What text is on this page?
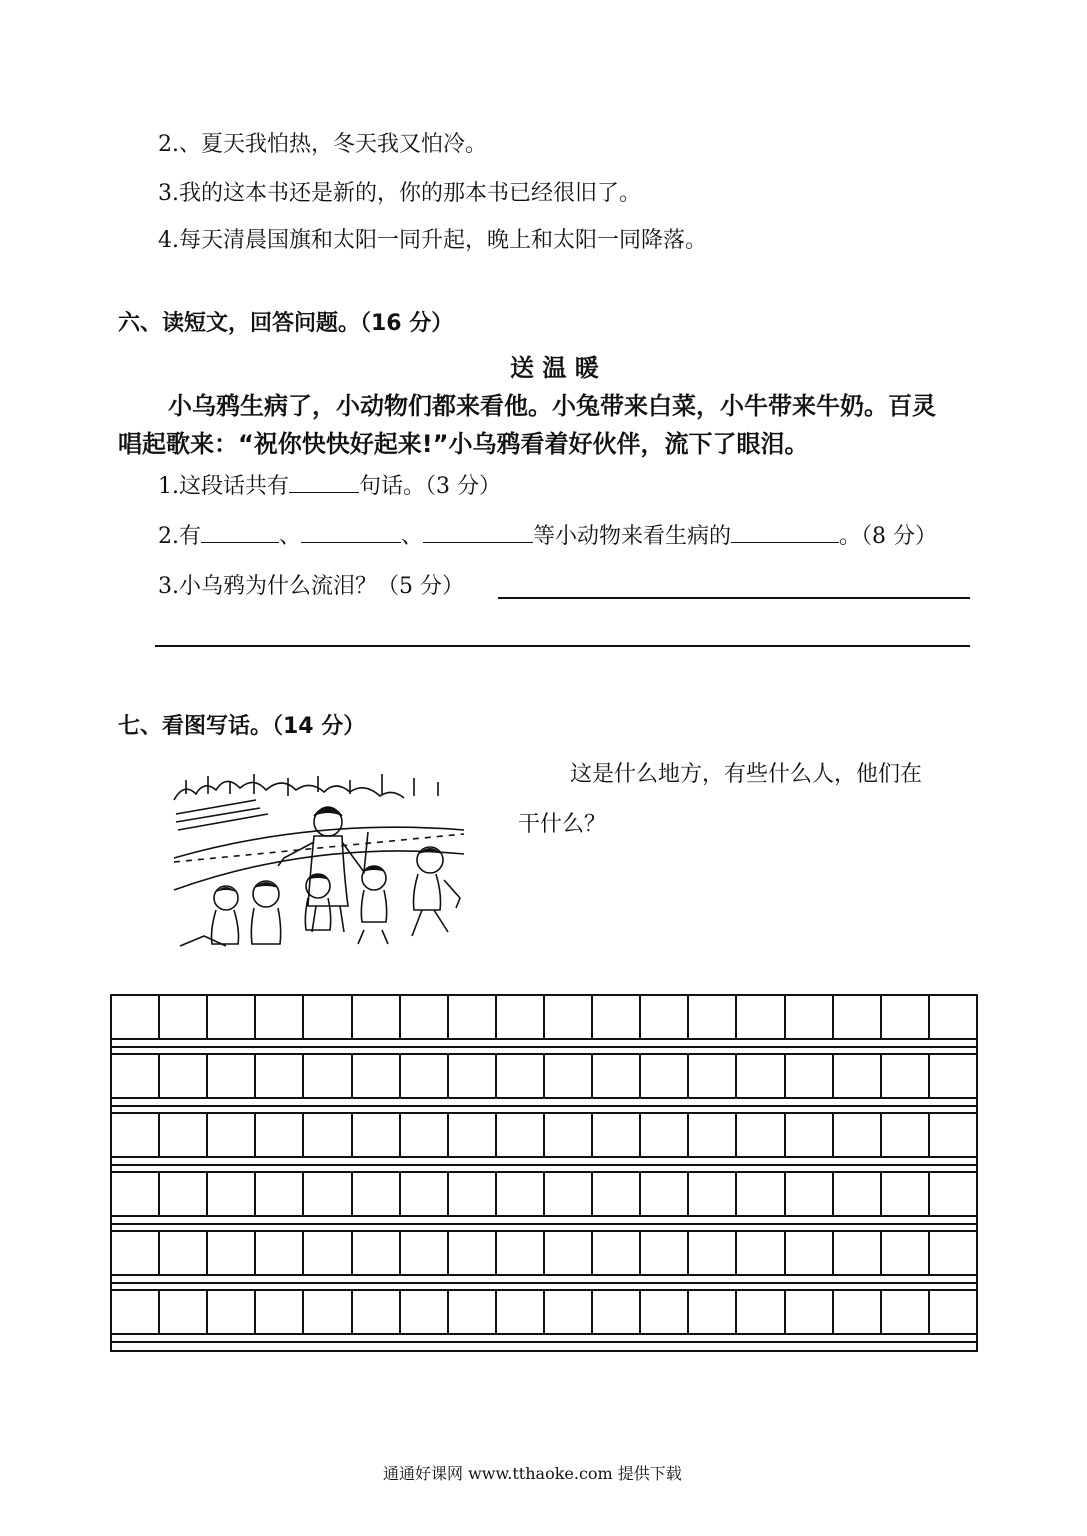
2.、夏天我怕热，冬天我又怕冷。
3.我的这本书还是新的，你的那本书已经很旧了。
4.每天清晨国旗和太阳一同升起，晚上和太阳一同降落。
六、读短文，回答问题。（16 分）
送 温 暖
小乌鸦生病了，小动物们都来看他。小兔带来白菜，小牛带来牛奶。百灵
唱起歌来：“祝你快快好起来!”小乌鸦看着好伙伴，流下了眼泪。
1.这段话共有	句话。（3 分）
2.有	、	、	等小动物来看生病的	。（8 分）
3.小乌鸦为什么流泪？（5 分）
七、看图写话。（14 分）
这是什么地方，有些什么人，他们在
干什么？
通通好课网 www.tthaoke.com 提供下载
